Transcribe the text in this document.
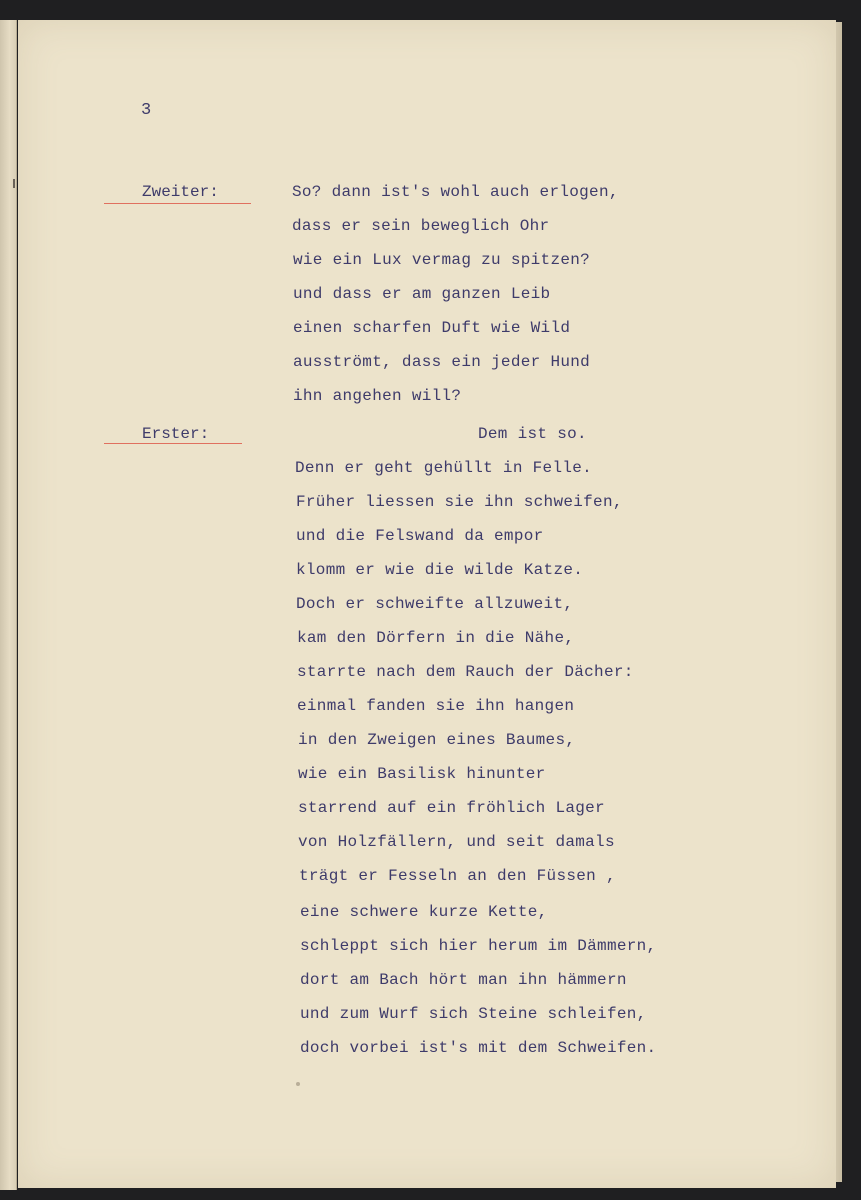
3
Zweiter:
Erster:
So? dann ist's wohl auch erlogen,
dass er sein beweglich Ohr
wie ein Lux vermag zu spitzen?
und dass er am ganzen Leib
einen scharfen Duft wie Wild
ausströmt, dass ein jeder Hund
ihn angehen will?
Dem ist so.
Denn er geht gehüllt in Felle.
Früher liessen sie ihn schweifen,
und die Felswand da empor
klomm er wie die wilde Katze.
Doch er schweifte allzuweit,
kam den Dörfern in die Nähe,
starrte nach dem Rauch der Dächer:
einmal fanden sie ihn hangen
in den Zweigen eines Baumes,
wie ein Basilisk hinunter
starrend auf ein fröhlich Lager
von Holzfällern, und seit damals
trägt er Fesseln an den Füssen ,
eine schwere kurze Kette,
schleppt sich hier herum im Dämmern,
dort am Bach hört man ihn hämmern
und zum Wurf sich Steine schleifen,
doch vorbei ist's mit dem Schweifen.
